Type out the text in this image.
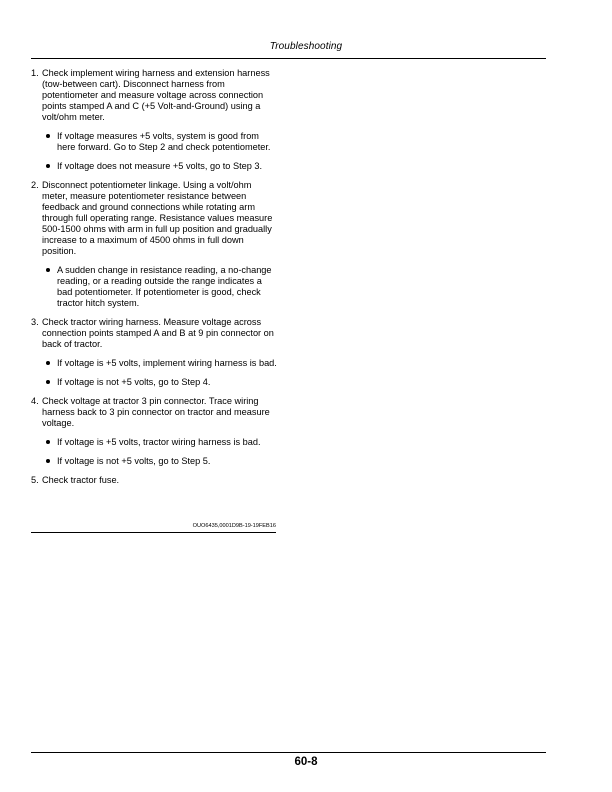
Troubleshooting
1. Check implement wiring harness and extension harness (tow-between cart). Disconnect harness from potentiometer and measure voltage across connection points stamped A and C (+5 Volt-and-Ground) using a volt/ohm meter.
If voltage measures +5 volts, system is good from here forward. Go to Step 2 and check potentiometer.
If voltage does not measure +5 volts, go to Step 3.
2. Disconnect potentiometer linkage. Using a volt/ohm meter, measure potentiometer resistance between feedback and ground connections while rotating arm through full operating range. Resistance values measure 500-1500 ohms with arm in full up position and gradually increase to a maximum of 4500 ohms in full down position.
A sudden change in resistance reading, a no-change reading, or a reading outside the range indicates a bad potentiometer. If potentiometer is good, check tractor hitch system.
3. Check tractor wiring harness. Measure voltage across connection points stamped A and B at 9 pin connector on back of tractor.
If voltage is +5 volts, implement wiring harness is bad.
If voltage is not +5 volts, go to Step 4.
4. Check voltage at tractor 3 pin connector. Trace wiring harness back to 3 pin connector on tractor and measure voltage.
If voltage is +5 volts, tractor wiring harness is bad.
If voltage is not +5 volts, go to Step 5.
5. Check tractor fuse.
OUO6435,0001D9B-19-19FEB16
60-8
